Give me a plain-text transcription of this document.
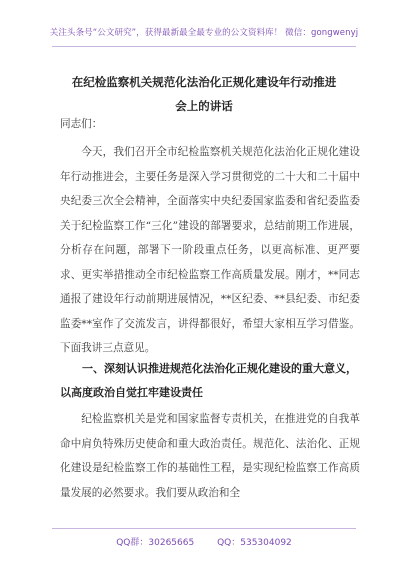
关注头条号“公文研究”，获得最新最全最专业的公文资料库！ 微信：gongwenyj
在纪检监察机关规范化法治化正规化建设年行动推进
会上的讲话
同志们：
今天，我们召开全市纪检监察机关规范化法治化正规化建设年行动推进会，主要任务是深入学习贯彻党的二十大和二十届中央纪委三次全会精神，全面落实中央纪委国家监委和省纪委监委关于纪检监察工作“三化”建设的部署要求，总结前期工作进展，分析存在问题，部署下一阶段重点任务，以更高标准、更严要求、更实举措推动全市纪检监察工作高质量发展。刚才，**同志通报了建设年行动前期进展情况，**区纪委、**县纪委、市纪委监委**室作了交流发言，讲得都很好，希望大家相互学习借鉴。下面我讲三点意见。
一、深刻认识推进规范化法治化正规化建设的重大意义，以高度政治自觉扛牢建设责任
纪检监察机关是党和国家监督专责机关，在推进党的自我革命中肩负特殊历史使命和重大政治责任。规范化、法治化、正规化建设是纪检监察工作的基础性工程，是实现纪检监察工作高质量发展的必然要求。我们要从政治和全
QQ群：30265665	QQ：535304092
